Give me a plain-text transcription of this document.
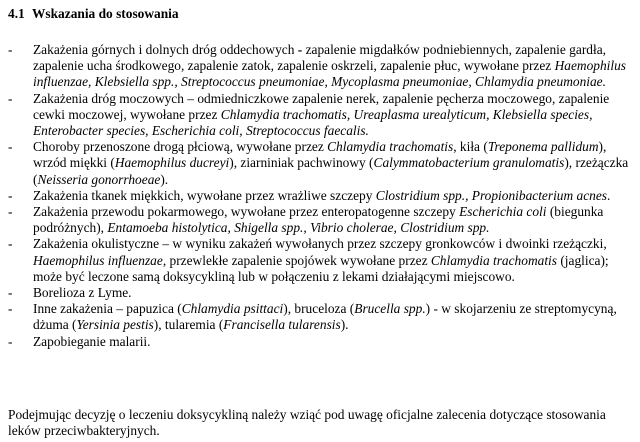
4.1 Wskazania do stosowania
- Zakażenia górnych i dolnych dróg oddechowych - zapalenie migdałków podniebiennych, zapalenie gardła, zapalenie ucha środkowego, zapalenie zatok, zapalenie oskrzeli, zapalenie płuc, wywołane przez Haemophilus influenzae, Klebsiella spp., Streptococcus pneumoniae, Mycoplasma pneumoniae, Chlamydia pneumoniae.

- Zakażenia dróg moczowych – odmiedniczkowe zapalenie nerek, zapalenie pęcherza moczowego, zapalenie cewki moczowej, wywołane przez Chlamydia trachomatis, Ureaplasma urealyticum, Klebsiella species, Enterobacter species, Escherichia coli, Streptococcus faecalis.

- Choroby przenoszone drogą płciową, wywołane przez Chlamydia trachomatis, kiła (Treponema pallidum), wrzód miękki (Haemophilus ducreyi), ziarniniak pachwinowy (Calymmatobacterium granulomatis), rzeżączka (Neisseria gonorrhoeae).

- Zakażenia tkanek miękkich, wywołane przez wrażliwe szczepy Clostridium spp., Propionibacterium acnes.

- Zakażenia przewodu pokarmowego, wywołane przez enteropatogenne szczepy Escherichia coli (biegunka podróżnych), Entamoeba histolytica, Shigella spp., Vibrio cholerae, Clostridium spp.

- Zakażenia okulistyczne – w wyniku zakażeń wywołanych przez szczepy gronkowców i dwoinki rzeżączki, Haemophilus influenzae, przewlekłe zapalenie spojówek wywołane przez Chlamydia trachomatis (jaglica); może być leczone samą doksycykliną lub w połączeniu z lekami działającymi miejscowo.

- Borelioza z Lyme.

- Inne zakażenia – papuzica (Chlamydia psittaci), bruceloza (Brucella spp.) - w skojarzeniu ze streptomycyną, dżuma (Yersinia pestis), tularemia (Francisella tularensis).

- Zapobieganie malarii.

Podejmując decyzję o leczeniu doksycykliną należy wziąć pod uwagę oficjalne zalecenia dotyczące stosowania leków przeciwbakteryjnych.
